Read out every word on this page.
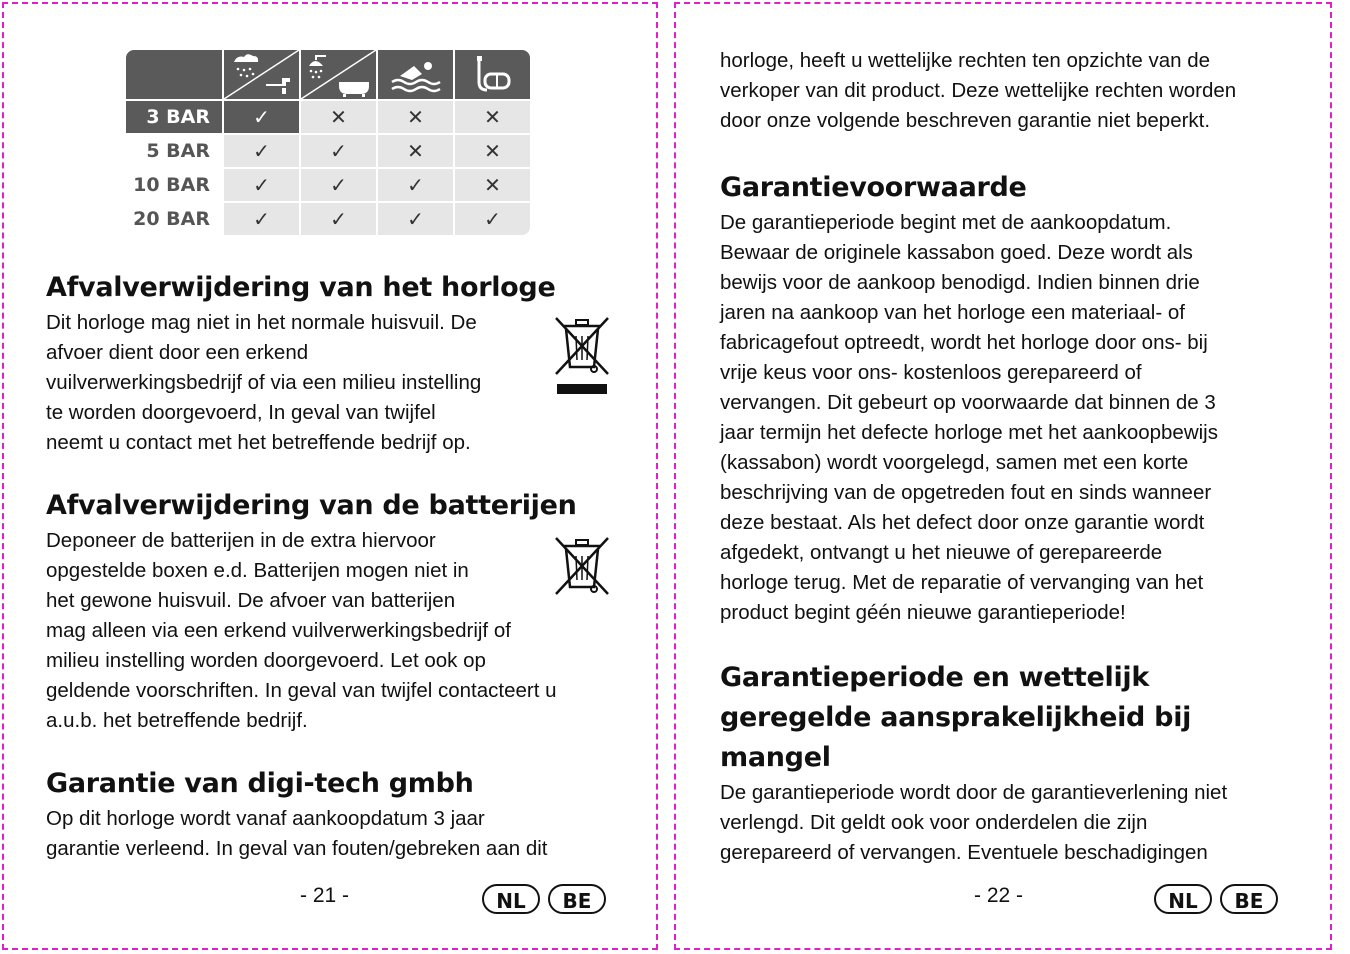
3 BAR	✓	✕	✕	✕
5 BAR	✓	✓	✕	✕
10 BAR	✓	✓	✓	✕
20 BAR	✓	✓	✓	✓
Afvalverwijdering van het horloge

Dit horloge mag niet in het normale huisvuil. De

afvoer dient door een erkend

vuilverwerkingsbedrijf of via een milieu instelling

te worden doorgevoerd, In geval van twijfel

neemt u contact met het betreffende bedrijf op.

Afvalverwijdering van de batterijen

Deponeer de batterijen in de extra hiervoor

opgestelde boxen e.d. Batterijen mogen niet in

het gewone huisvuil. De afvoer van batterijen

mag alleen via een erkend vuilverwerkingsbedrijf of

milieu instelling worden doorgevoerd. Let ook op

geldende voorschriften. In geval van twijfel contacteert u

a.u.b. het betreffende bedrijf.

Garantie van digi-tech gmbh

Op dit horloge wordt vanaf aankoopdatum 3 jaar

garantie verleend. In geval van fouten/gebreken aan dit

- 21 -	NL	BE

horloge, heeft u wettelijke rechten ten opzichte van de

verkoper van dit product. Deze wettelijke rechten worden

door onze volgende beschreven garantie niet beperkt.

Garantievoorwaarde

De garantieperiode begint met de aankoopdatum.

Bewaar de originele kassabon goed. Deze wordt als

bewijs voor de aankoop benodigd. Indien binnen drie

jaren na aankoop van het horloge een materiaal- of

fabricagefout optreedt, wordt het horloge door ons- bij

vrije keus voor ons- kostenloos gerepareerd of

vervangen. Dit gebeurt op voorwaarde dat binnen de 3

jaar termijn het defecte horloge met het aankoopbewijs

(kassabon) wordt voorgelegd, samen met een korte

beschrijving van de opgetreden fout en sinds wanneer

deze bestaat. Als het defect door onze garantie wordt

afgedekt, ontvangt u het nieuwe of gerepareerde

horloge terug. Met de reparatie of vervanging van het

product begint géén nieuwe garantieperiode!

Garantieperiode en wettelijk
geregelde aansprakelijkheid bij
mangel

De garantieperiode wordt door de garantieverlening niet

verlengd. Dit geldt ook voor onderdelen die zijn

gerepareerd of vervangen. Eventuele beschadigingen

- 22 -	NL	BE
